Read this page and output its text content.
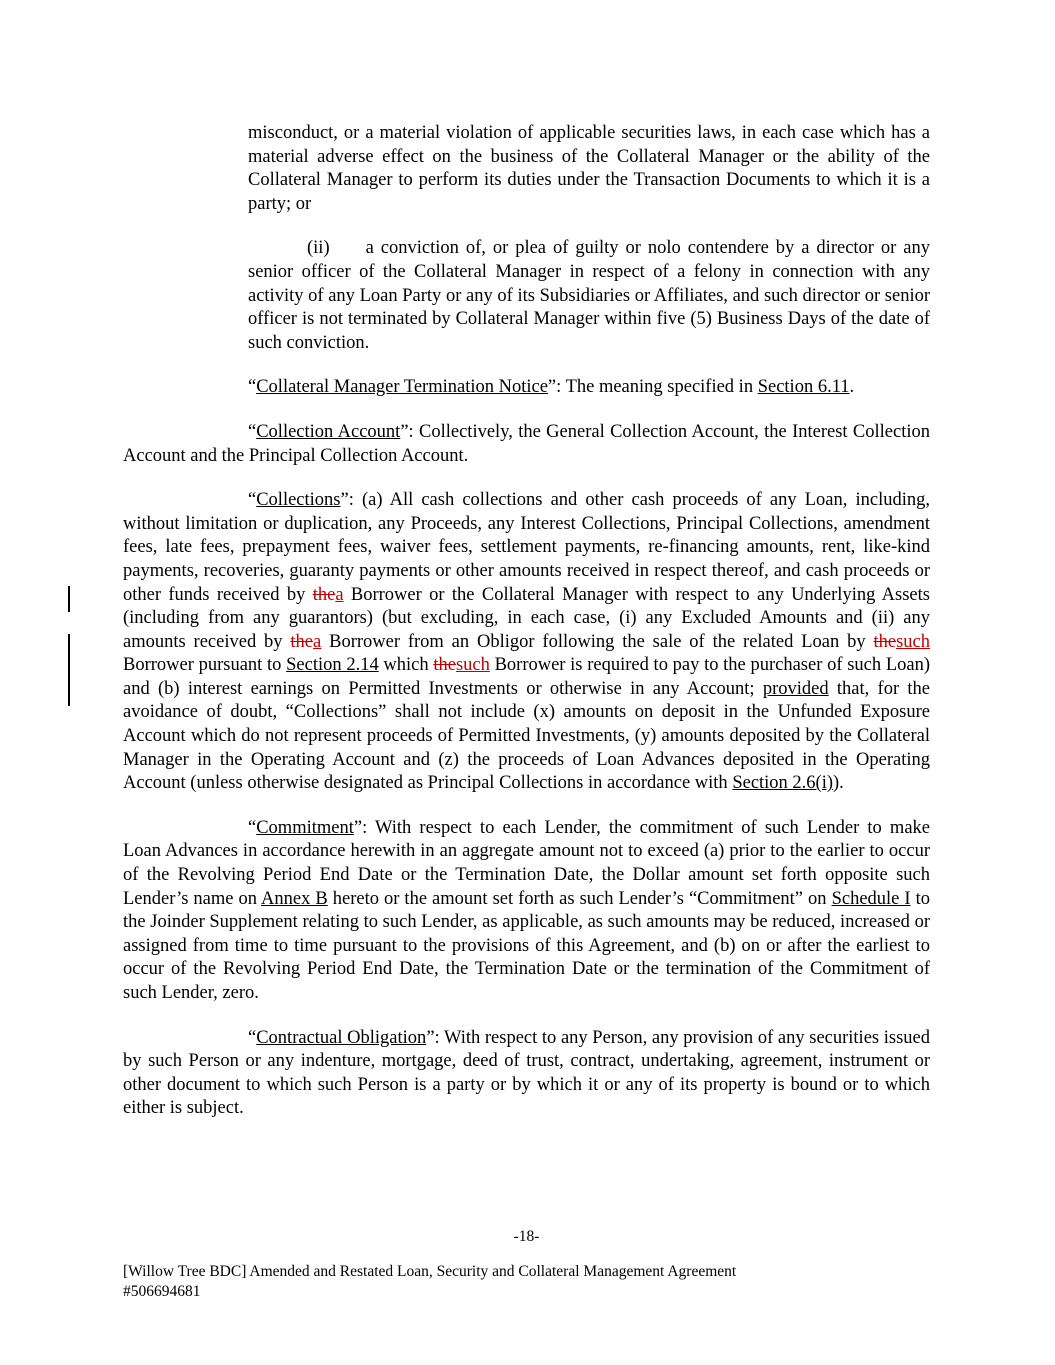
misconduct, or a material violation of applicable securities laws, in each case which has a material adverse effect on the business of the Collateral Manager or the ability of the Collateral Manager to perform its duties under the Transaction Documents to which it is a party; or

(ii) a conviction of, or plea of guilty or nolo contendere by a director or any senior officer of the Collateral Manager in respect of a felony in connection with any activity of any Loan Party or any of its Subsidiaries or Affiliates, and such director or senior officer is not terminated by Collateral Manager within five (5) Business Days of the date of such conviction.

“Collateral Manager Termination Notice”: The meaning specified in Section 6.11.

“Collection Account”: Collectively, the General Collection Account, the Interest Collection Account and the Principal Collection Account.

“Collections”: (a) All cash collections and other cash proceeds of any Loan, including, without limitation or duplication, any Proceeds, any Interest Collections, Principal Collections, amendment fees, late fees, prepayment fees, waiver fees, settlement payments, re-financing amounts, rent, like-kind payments, recoveries, guaranty payments or other amounts received in respect thereof, and cash proceeds or other funds received by thea Borrower or the Collateral Manager with respect to any Underlying Assets (including from any guarantors) (but excluding, in each case, (i) any Excluded Amounts and (ii) any amounts received by thea Borrower from an Obligor following the sale of the related Loan by thesuch Borrower pursuant to Section 2.14 which thesuch Borrower is required to pay to the purchaser of such Loan) and (b) interest earnings on Permitted Investments or otherwise in any Account; provided that, for the avoidance of doubt, “Collections” shall not include (x) amounts on deposit in the Unfunded Exposure Account which do not represent proceeds of Permitted Investments, (y) amounts deposited by the Collateral Manager in the Operating Account and (z) the proceeds of Loan Advances deposited in the Operating Account (unless otherwise designated as Principal Collections in accordance with Section 2.6(i)).

“Commitment”: With respect to each Lender, the commitment of such Lender to make Loan Advances in accordance herewith in an aggregate amount not to exceed (a) prior to the earlier to occur of the Revolving Period End Date or the Termination Date, the Dollar amount set forth opposite such Lender’s name on Annex B hereto or the amount set forth as such Lender’s “Commitment” on Schedule I to the Joinder Supplement relating to such Lender, as applicable, as such amounts may be reduced, increased or assigned from time to time pursuant to the provisions of this Agreement, and (b) on or after the earliest to occur of the Revolving Period End Date, the Termination Date or the termination of the Commitment of such Lender, zero.

“Contractual Obligation”: With respect to any Person, any provision of any securities issued by such Person or any indenture, mortgage, deed of trust, contract, undertaking, agreement, instrument or other document to which such Person is a party or by which it or any of its property is bound or to which either is subject.

-18-
[Willow Tree BDC] Amended and Restated Loan, Security and Collateral Management Agreement
#506694681
